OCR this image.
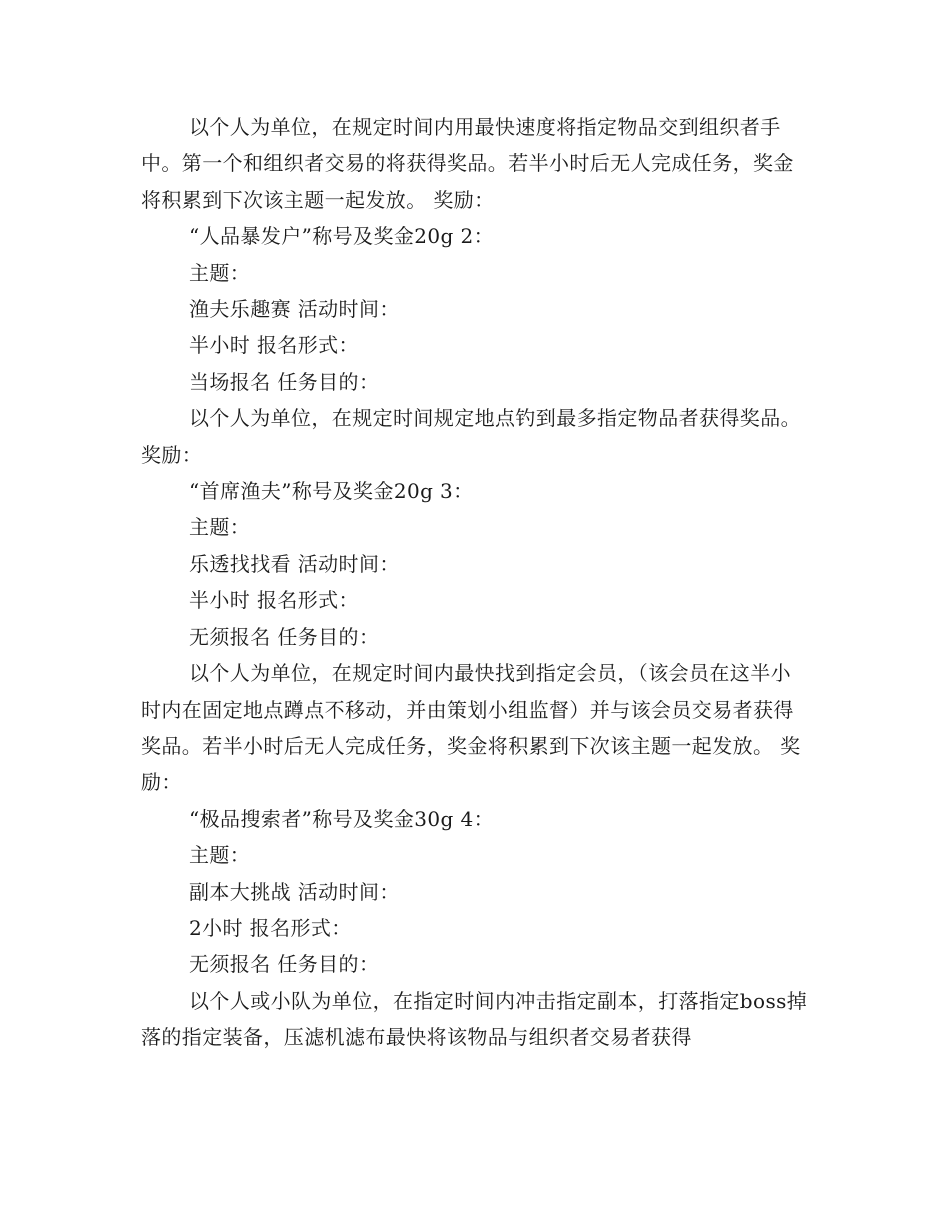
以个人为单位，在规定时间内用最快速度将指定物品交到组织者手中。第一个和组织者交易的将获得奖品。若半小时后无人完成任务，奖金将积累到下次该主题一起发放。 奖励：

“人品暴发户”称号及奖金20g 2：

主题：

渔夫乐趣赛 活动时间：

半小时 报名形式：

当场报名 任务目的：

以个人为单位，在规定时间规定地点钓到最多指定物品者获得奖品。 奖励：

“首席渔夫”称号及奖金20g 3：

主题：

乐透找找看 活动时间：

半小时 报名形式：

无须报名 任务目的：

以个人为单位，在规定时间内最快找到指定会员，（该会员在这半小时内在固定地点蹲点不移动，并由策划小组监督）并与该会员交易者获得奖品。若半小时后无人完成任务，奖金将积累到下次该主题一起发放。 奖励：

“极品搜索者”称号及奖金30g 4：

主题：

副本大挑战 活动时间：

2小时 报名形式：

无须报名 任务目的：

以个人或小队为单位，在指定时间内冲击指定副本，打落指定boss掉落的指定装备，压滤机滤布最快将该物品与组织者交易者获得
